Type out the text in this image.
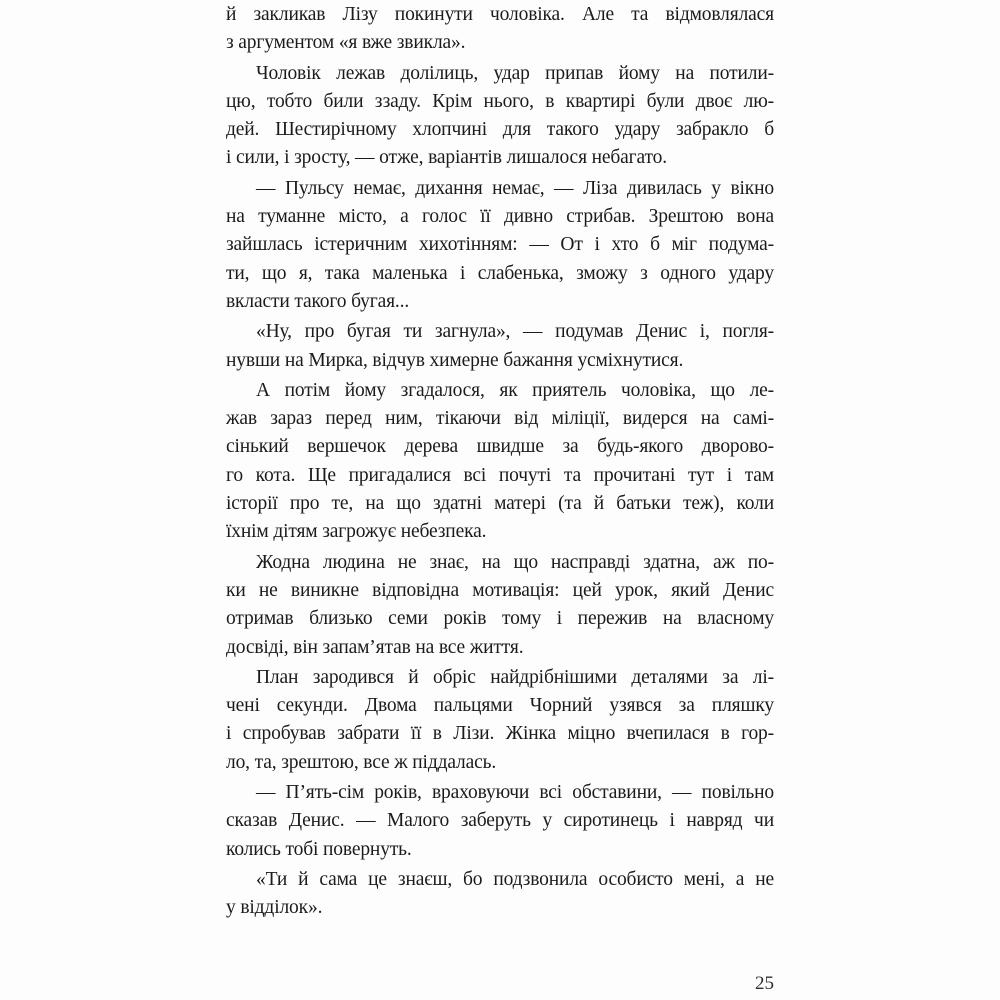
й закликав Лізу покинути чоловіка. Але та відмовлялася
з аргументом «я вже звикла».
Чоловік лежав долілиць, удар припав йому на потили-
цю, тобто били ззаду. Крім нього, в квартирі були двоє лю-
дей. Шестирічному хлопчині для такого удару забракло б
і сили, і зросту, — отже, варіантів лишалося небагато.
— Пульсу немає, дихання немає, — Ліза дивилась у вікно
на туманне місто, а голос її дивно стрибав. Зрештою вона
зайшлась істеричним хихотінням: — От і хто б міг подума-
ти, що я, така маленька і слабенька, зможу з одного удару
вкласти такого бугая...
«Ну, про бугая ти загнула», — подумав Денис і, погля-
нувши на Мирка, відчув химерне бажання усміхнутися.
А потім йому згадалося, як приятель чоловіка, що ле-
жав зараз перед ним, тікаючи від міліції, видерся на самі-
сінький вершечок дерева швидше за будь-якого дворово-
го кота. Ще пригадалися всі почуті та прочитані тут і там
історії про те, на що здатні матері (та й батьки теж), коли
їхнім дітям загрожує небезпека.
Жодна людина не знає, на що насправді здатна, аж по-
ки не виникне відповідна мотивація: цей урок, який Денис
отримав близько семи років тому і пережив на власному
досвіді, він запам’ятав на все життя.
План зародився й обріс найдрібнішими деталями за лі-
чені секунди. Двома пальцями Чорний узявся за пляшку
і спробував забрати її в Лізи. Жінка міцно вчепилася в гор-
ло, та, зрештою, все ж піддалась.
— П’ять-сім років, враховуючи всі обставини, — повільно
сказав Денис. — Малого заберуть у сиротинець і навряд чи
колись тобі повернуть.
«Ти й сама це знаєш, бо подзвонила особисто мені, а не
у відділок».
25
